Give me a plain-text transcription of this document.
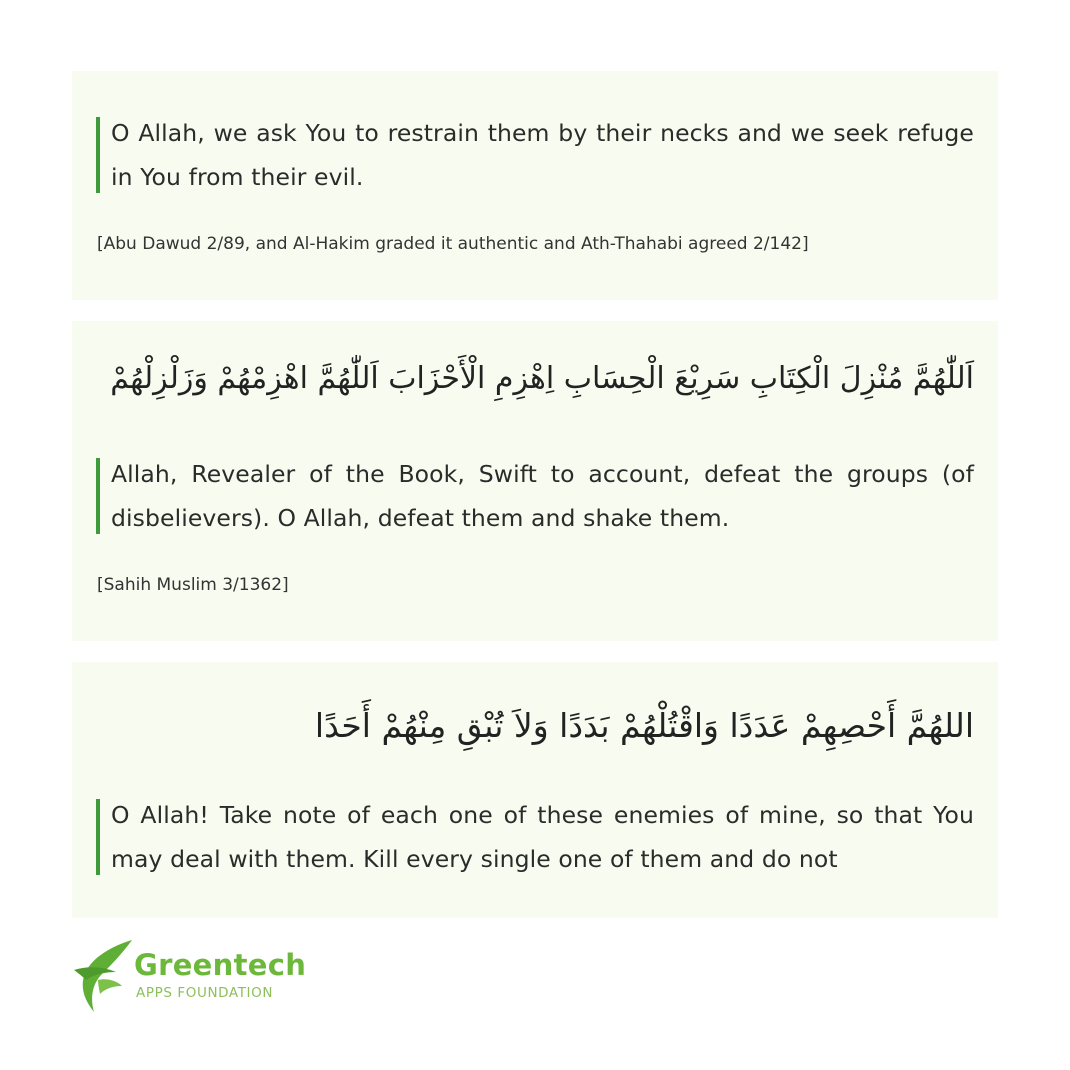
O Allah, we ask You to restrain them by their necks and we seek refuge in You from their evil.
[Abu Dawud 2/89, and Al-Hakim graded it authentic and Ath-Thahabi agreed 2/142]
اَللّٰهُمَّ مُنْزِلَ الْكِتَابِ سَرِيْعَ الْحِسَابِ اِهْزِمِ الْأَحْزَابَ اَللّٰهُمَّ اهْزِمْهُمْ وَزَلْزِلْهُمْ
Allah, Revealer of the Book, Swift to account, defeat the groups (of disbelievers). O Allah, defeat them and shake them.
[Sahih Muslim 3/1362]
اللهُمَّ أَحْصِهِمْ عَدَدًا وَاقْتُلْهُمْ بَدَدًا وَلاَ تُبْقِ مِنْهُمْ أَحَدًا
O Allah! Take note of each one of these enemies of mine, so that You may deal with them. Kill every single one of them and do not
Greentech
APPS FOUNDATION
